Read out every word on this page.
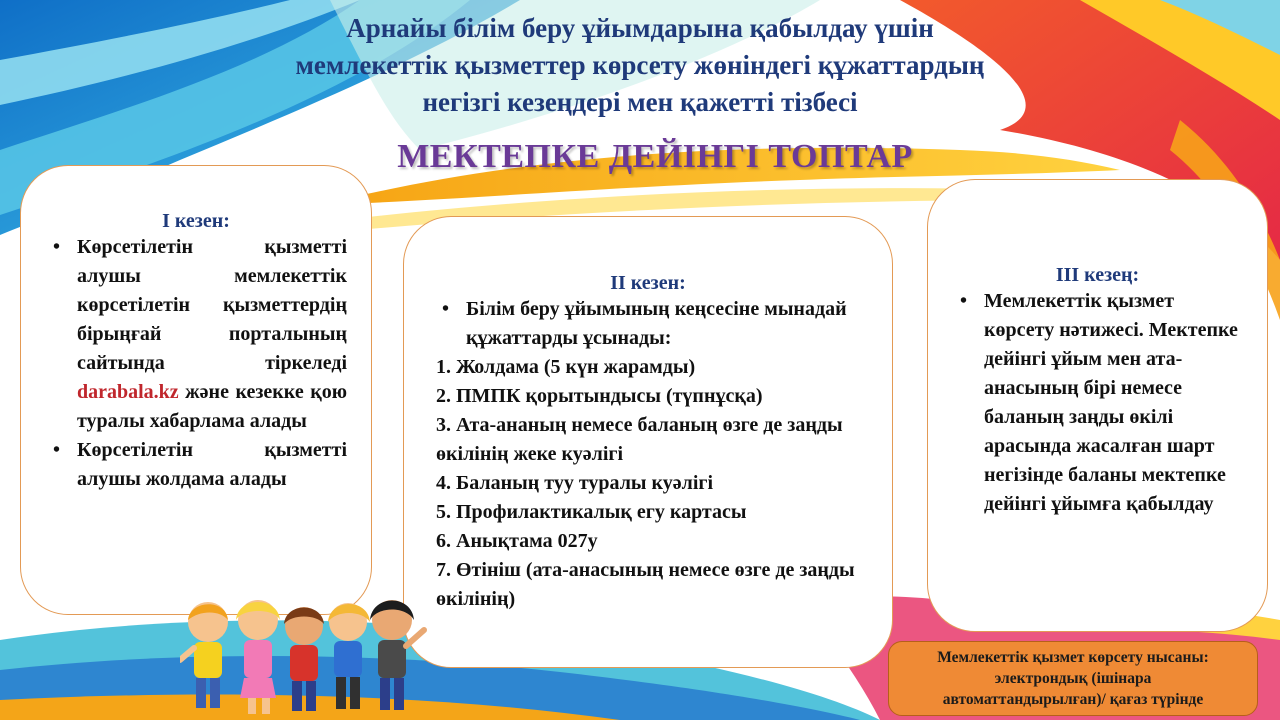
Арнайы білім беру ұйымдарына қабылдау үшін
мемлекеттік қызметтер көрсету жөніндегі құжаттардың
негізгі кезеңдері мен қажетті тізбесі
МЕКТЕПКЕ ДЕЙІНГІ ТОПТАР
I кезен:
• Көрсетілетін қызметті алушы мемлекеттік көрсетілетін қызметтердің бірыңғай порталының сайтында тіркеледі darabala.kz және кезекке қою туралы хабарлама алады
• Көрсетілетін қызметті алушы жолдама алады
II кезен:
• Білім беру ұйымының кеңсесіне мынадай құжаттарды ұсынады:
1. Жолдама (5 күн жарамды)
2. ПМПК қорытындысы (түпнұсқа)
3. Ата-ананың немесе баланың өзге де заңды өкілінің жеке куәлігі
4. Баланың туу туралы куәлігі
5. Профилактикалық егу картасы
6. Анықтама 027у
7. Өтініш (ата-анасының немесе өзге де заңды өкілінің)
III кезең:
• Мемлекеттік қызмет көрсету нәтижесі. Мектепке дейінгі ұйым мен ата-анасының бірі немесе баланың заңды өкілі арасында жасалған шарт негізінде баланы мектепке дейінгі ұйымға қабылдау
Мемлекеттік қызмет көрсету нысаны:
электрондық (ішінара
автоматтандырылған)/ қағаз түрінде
